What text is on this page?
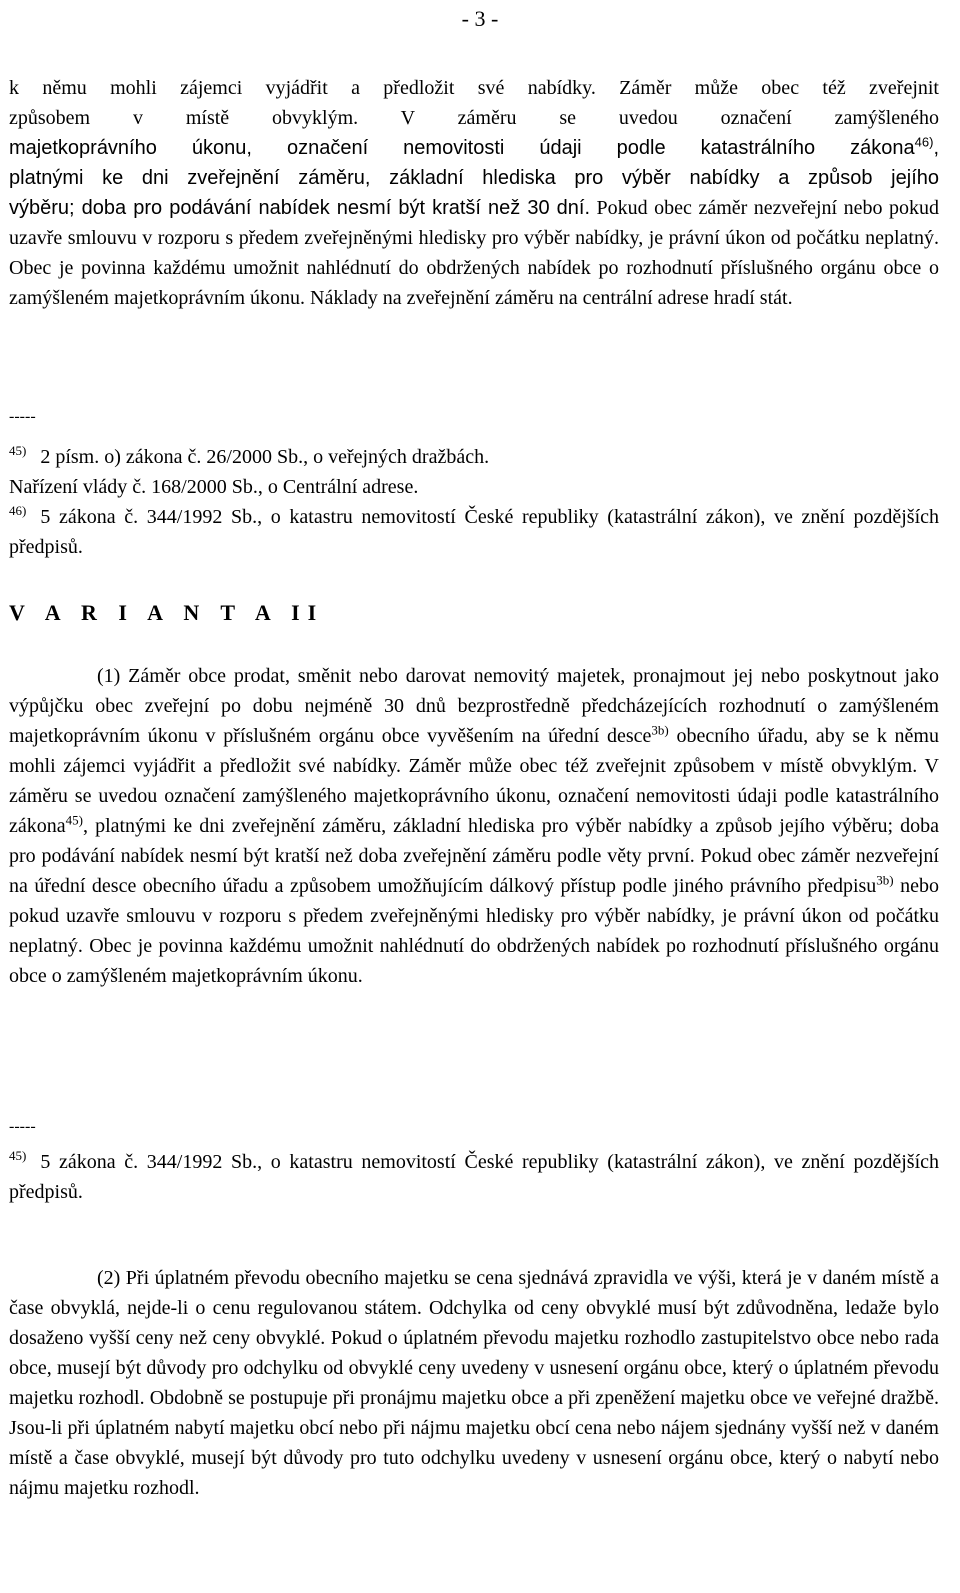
- 3 -
k němu mohli zájemci vyjádřit a předložit své nabídky. Záměr může obec též zveřejnit
způsobem v místě obvyklým. V záměru se uvedou označení zamýšleného
majetkoprávního úkonu, označení nemovitosti údaji podle katastrálního zákona$^{46)}$,
platnými ke dni zveřejnění záměru, základní hlediska pro výběr nabídky a způsob jejího
výběru; doba pro podávání nabídek nesmí být kratší než 30 dní. Pokud obec záměr nezveřejní nebo pokud uzavře smlouvu v rozporu s předem zveřejněnými hledisky pro výběr nabídky, je právní úkon od počátku neplatný. Obec je povinna každému umožnit nahlédnutí do obdržených nabídek po rozhodnutí příslušného orgánu obce o zamýšleném majetkoprávním úkonu. Náklady na zveřejnění záměru na centrální adrese hradí stát.
-----
$^{45)}$ 2 písm. o) zákona č. 26/2000 Sb., o veřejných dražbách.
Nařízení vlády č. 168/2000 Sb., o Centrální adrese.
$^{46)}$ 5 zákona č. 344/1992 Sb., o katastru nemovitostí České republiky (katastrální zákon), ve znění pozdějších předpisů.
V A R I A N T A II
(1) Záměr obce prodat, směnit nebo darovat nemovitý majetek, pronajmout jej nebo poskytnout jako výpůjčku obec zveřejní po dobu nejméně 30 dnů bezprostředně předcházejících rozhodnutí o zamýšleném majetkoprávním úkonu v příslušném orgánu obce vyvěšením na úřední desce$^{3b)}$ obecního úřadu, aby se k němu mohli zájemci vyjádřit a předložit své nabídky. Záměr může obec též zveřejnit způsobem v místě obvyklým. V záměru se uvedou označení zamýšleného majetkoprávního úkonu, označení nemovitosti údaji podle katastrálního zákona$^{45)}$, platnými ke dni zveřejnění záměru, základní hlediska pro výběr nabídky a způsob jejího výběru; doba pro podávání nabídek nesmí být kratší než doba zveřejnění záměru podle věty první. Pokud obec záměr nezveřejní na úřední desce obecního úřadu a způsobem umožňujícím dálkový přístup podle jiného právního předpisu$^{3b)}$ nebo pokud uzavře smlouvu v rozporu s předem zveřejněnými hledisky pro výběr nabídky, je právní úkon od počátku neplatný. Obec je povinna každému umožnit nahlédnutí do obdržených nabídek po rozhodnutí příslušného orgánu obce o zamýšleném majetkoprávním úkonu.
-----
$^{45)}$ 5 zákona č. 344/1992 Sb., o katastru nemovitostí České republiky (katastrální zákon), ve znění pozdějších předpisů.
(2) Při úplatném převodu obecního majetku se cena sjednává zpravidla ve výši, která je v daném místě a čase obvyklá, nejde-li o cenu regulovanou státem. Odchylka od ceny obvyklé musí být zdůvodněna, ledaže bylo dosaženo vyšší ceny než ceny obvyklé. Pokud o úplatném převodu majetku rozhodlo zastupitelstvo obce nebo rada obce, musejí být důvody pro odchylku od obvyklé ceny uvedeny v usnesení orgánu obce, který o úplatném převodu majetku rozhodl. Obdobně se postupuje při pronájmu majetku obce a při zpeněžení majetku obce ve veřejné dražbě. Jsou-li při úplatném nabytí majetku obcí nebo při nájmu majetku obcí cena nebo nájem sjednány vyšší než v daném místě a čase obvyklé, musejí být důvody pro tuto odchylku uvedeny v usnesení orgánu obce, který o nabytí nebo nájmu majetku rozhodl.
